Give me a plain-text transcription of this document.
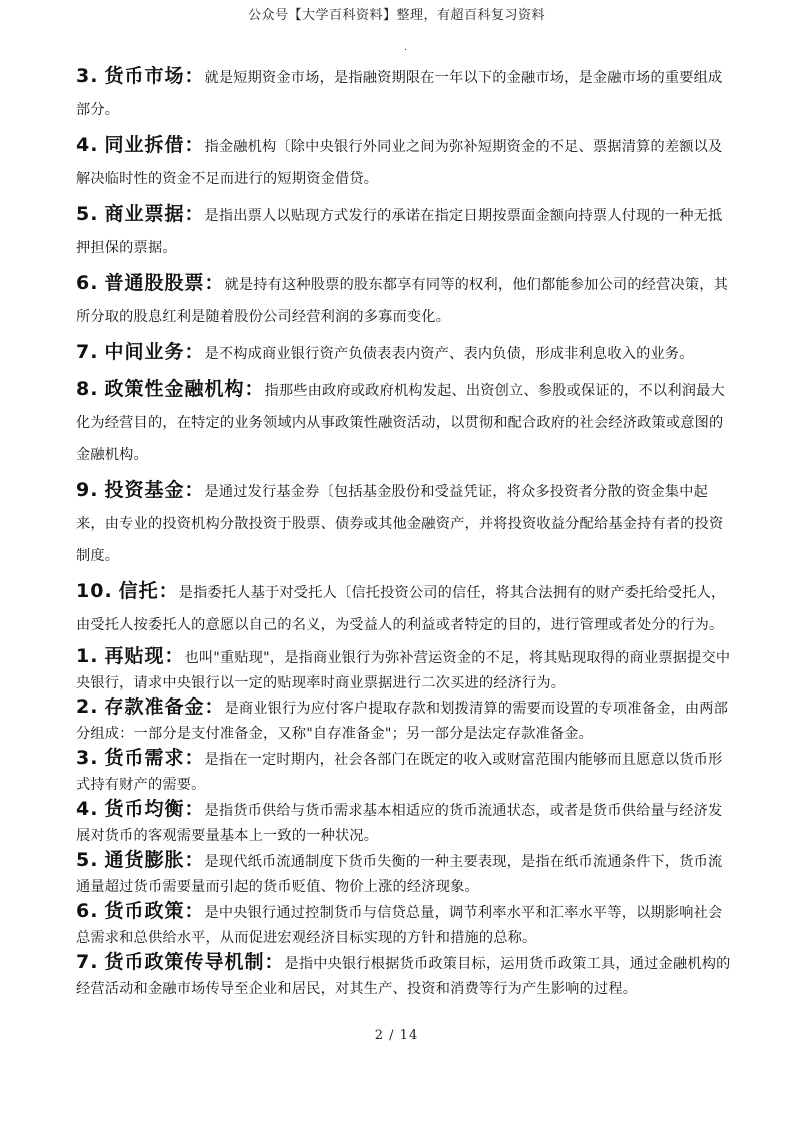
公众号【大学百科资料】整理，有超百科复习资料
.
3. 货币市场：就是短期资金市场，是指融资期限在一年以下的金融市场，是金融市场的重要组成部分。
4. 同业拆借：指金融机构〔除中央银行外同业之间为弥补短期资金的不足、票据清算的差额以及解决临时性的资金不足而进行的短期资金借贷。
5. 商业票据：是指出票人以贴现方式发行的承诺在指定日期按票面金额向持票人付现的一种无抵押担保的票据。
6. 普通股股票：就是持有这种股票的股东都享有同等的权利，他们都能参加公司的经营决策，其所分取的股息红利是随着股份公司经营利润的多寡而变化。
7. 中间业务：是不构成商业银行资产负债表表内资产、表内负债，形成非利息收入的业务。
8. 政策性金融机构：指那些由政府或政府机构发起、出资创立、参股或保证的，不以利润最大化为经营目的，在特定的业务领域内从事政策性融资活动，以贯彻和配合政府的社会经济政策或意图的金融机构。
9. 投资基金：是通过发行基金券〔包括基金股份和受益凭证，将众多投资者分散的资金集中起来，由专业的投资机构分散投资于股票、债券或其他金融资产，并将投资收益分配给基金持有者的投资制度。
10. 信托：是指委托人基于对受托人〔信托投资公司的信任，将其合法拥有的财产委托给受托人，由受托人按委托人的意愿以自己的名义，为受益人的利益或者特定的目的，进行管理或者处分的行为。
1. 再贴现：也叫"重贴现"，是指商业银行为弥补营运资金的不足，将其贴现取得的商业票据提交中央银行，请求中央银行以一定的贴现率时商业票据进行二次买进的经济行为。
2. 存款准备金：是商业银行为应付客户提取存款和划拨清算的需要而设置的专项准备金，由两部分组成：一部分是支付准备金，又称"自存准备金"；另一部分是法定存款准备金。
3. 货币需求：是指在一定时期内，社会各部门在既定的收入或财富范围内能够而且愿意以货币形式持有财产的需要。
4. 货币均衡：是指货币供给与货币需求基本相适应的货币流通状态，或者是货币供给量与经济发展对货币的客观需要量基本上一致的一种状况。
5. 通货膨胀：是现代纸币流通制度下货币失衡的一种主要表现，是指在纸币流通条件下，货币流通量超过货币需要量而引起的货币贬值、物价上涨的经济现象。
6. 货币政策：是中央银行通过控制货币与信贷总量，调节利率水平和汇率水平等，以期影响社会总需求和总供给水平，从而促进宏观经济目标实现的方针和措施的总称。
7. 货币政策传导机制：是指中央银行根据货币政策目标，运用货币政策工具，通过金融机构的经营活动和金融市场传导至企业和居民，对其生产、投资和消费等行为产生影响的过程。
2 / 14
